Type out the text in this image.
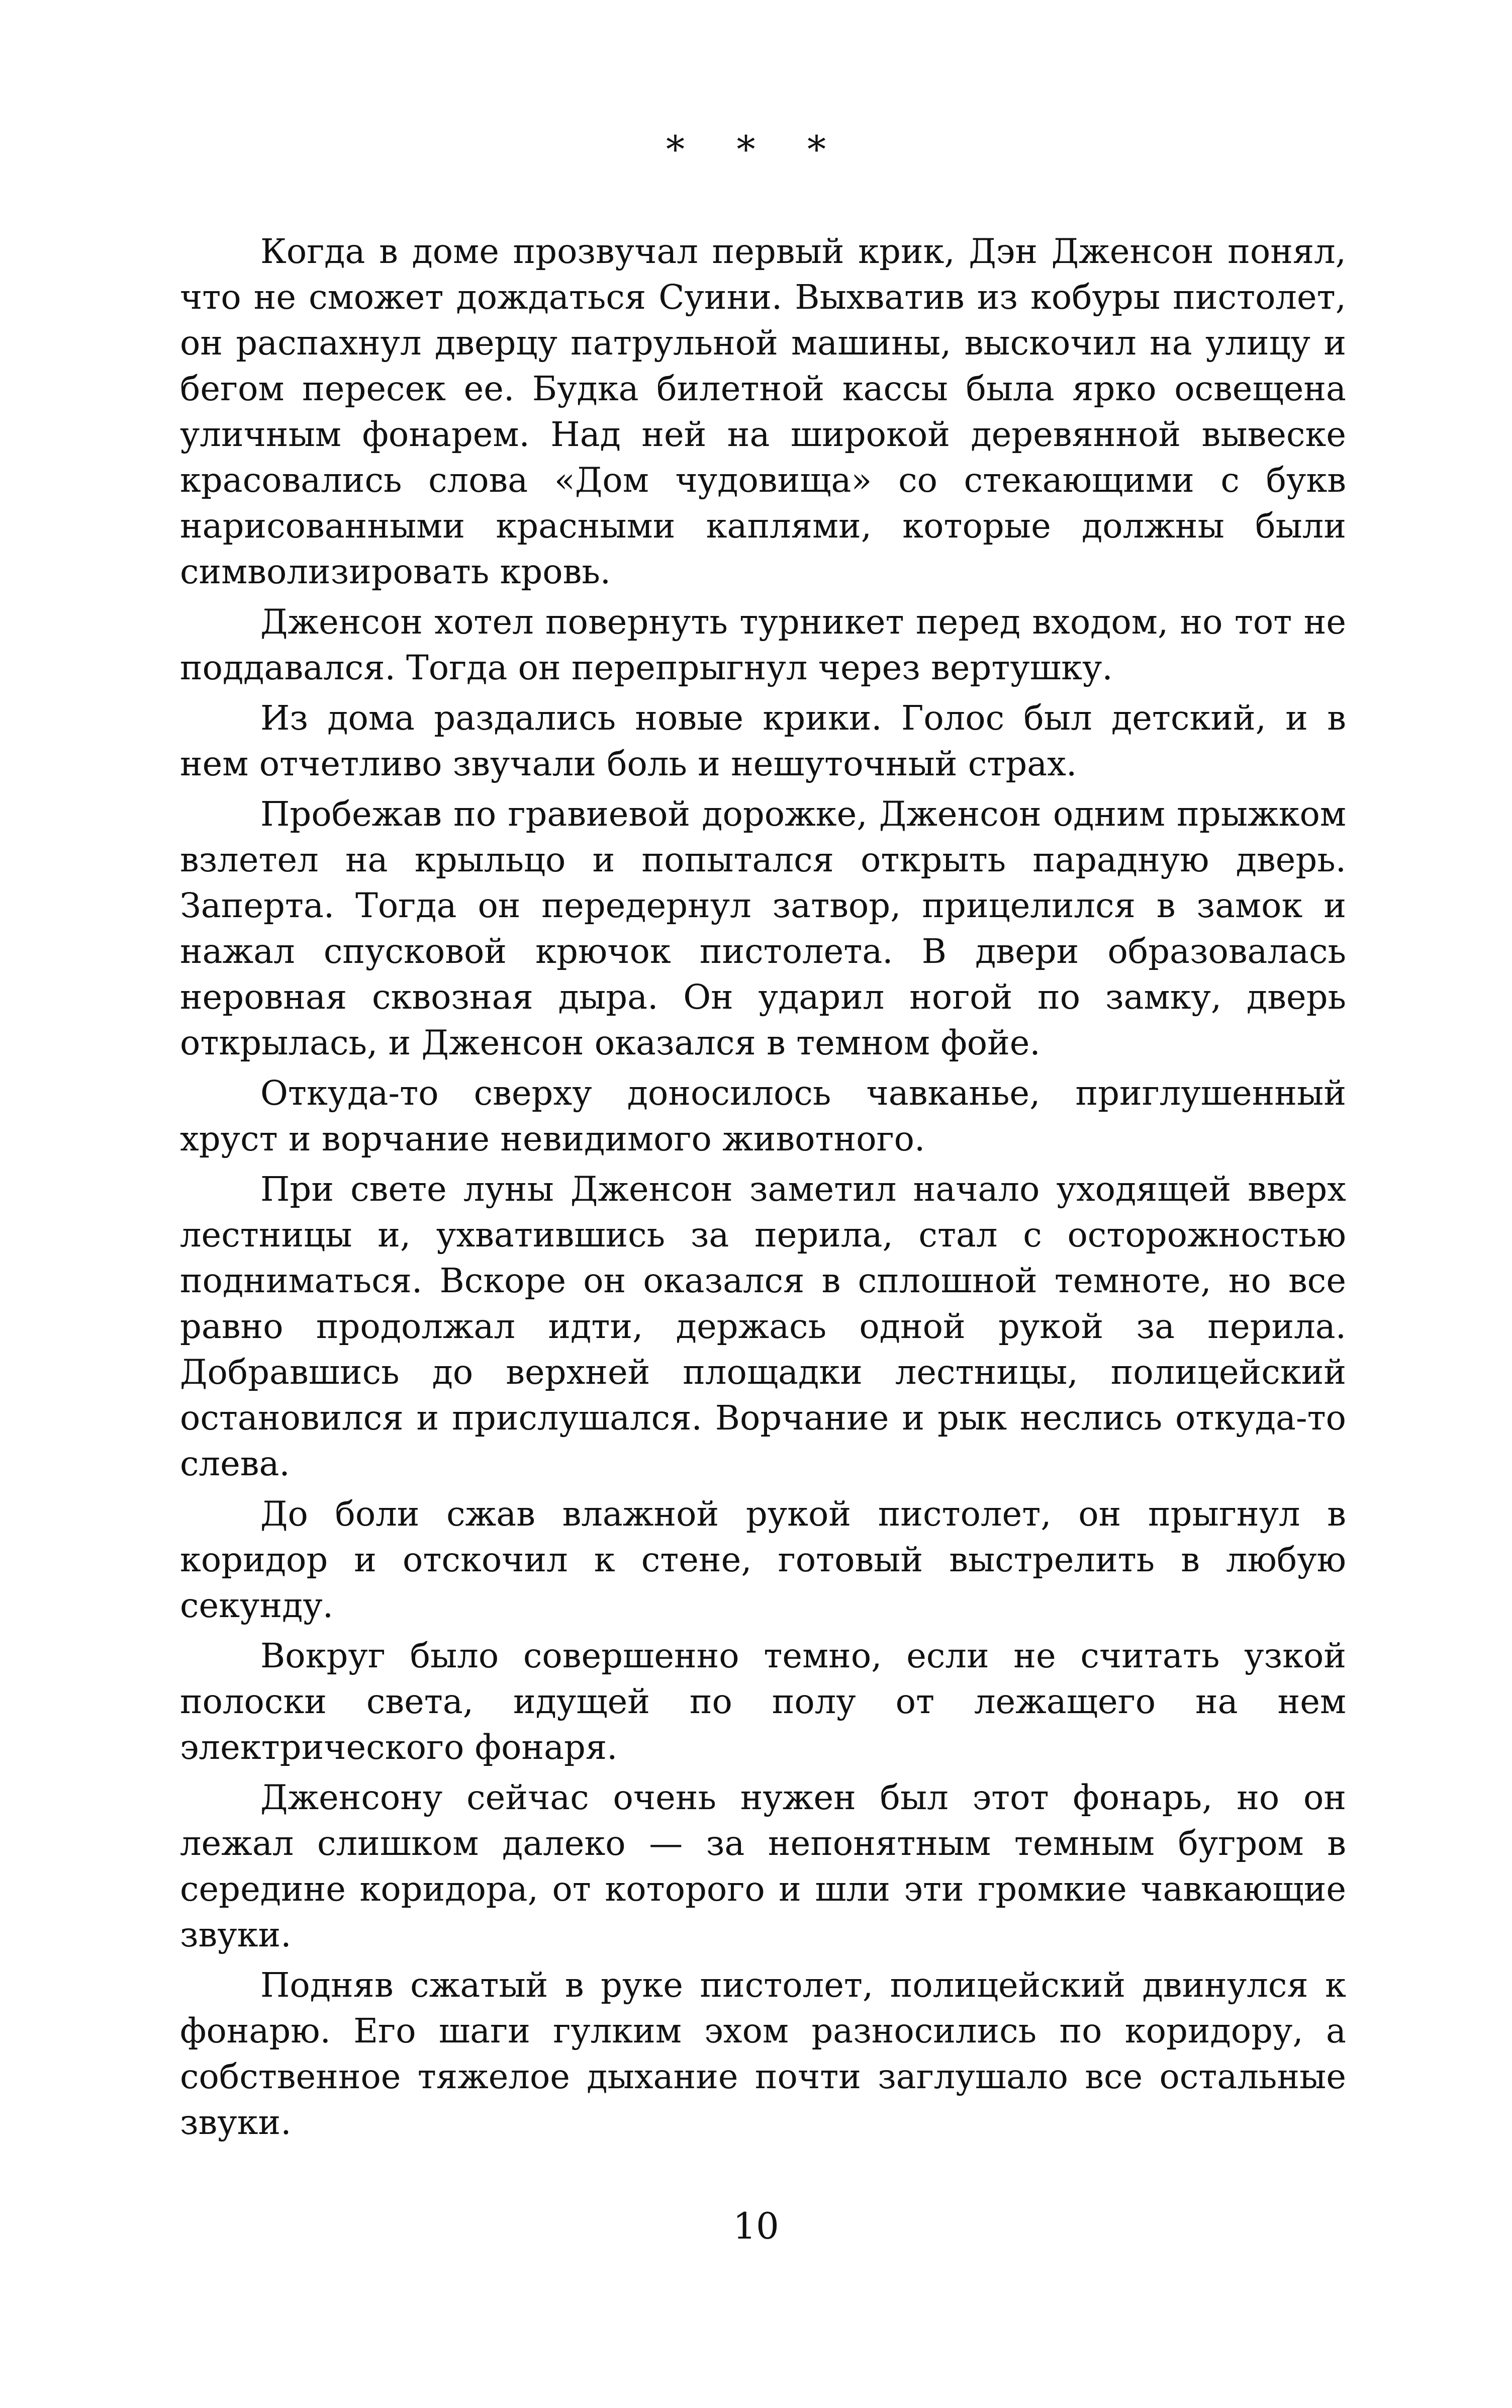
* * *

Когда в доме прозвучал первый крик, Дэн Дженсон понял, что не сможет дождаться Суини. Выхватив из кобуры пистолет, он распахнул дверцу патрульной машины, выскочил на улицу и бегом пересек ее. Будка билетной кассы была ярко освещена уличным фонарем. Над ней на широкой деревянной вывеске красовались слова «Дом чудовища» со стекающими с букв нарисованными красными каплями, которые должны были символизировать кровь.

Дженсон хотел повернуть турникет перед входом, но тот не поддавался. Тогда он перепрыгнул через вертушку.

Из дома раздались новые крики. Голос был детский, и в нем отчетливо звучали боль и нешуточный страх.

Пробежав по гравиевой дорожке, Дженсон одним прыжком взлетел на крыльцо и попытался открыть парадную дверь. Заперта. Тогда он передернул затвор, прицелился в замок и нажал спусковой крючок пистолета. В двери образовалась неровная сквозная дыра. Он ударил ногой по замку, дверь открылась, и Дженсон оказался в темном фойе.

Откуда-то сверху доносилось чавканье, приглушенный хруст и ворчание невидимого животного.

При свете луны Дженсон заметил начало уходящей вверх лестницы и, ухватившись за перила, стал с осторожностью подниматься. Вскоре он оказался в сплошной темноте, но все равно продолжал идти, держась одной рукой за перила. Добравшись до верхней площадки лестницы, полицейский остановился и прислушался. Ворчание и рык неслись откуда-то слева.

До боли сжав влажной рукой пистолет, он прыгнул в коридор и отскочил к стене, готовый выстрелить в любую секунду.

Вокруг было совершенно темно, если не считать узкой полоски света, идущей по полу от лежащего на нем электрического фонаря.

Дженсону сейчас очень нужен был этот фонарь, но он лежал слишком далеко — за непонятным темным бугром в середине коридора, от которого и шли эти громкие чавкающие звуки.

Подняв сжатый в руке пистолет, полицейский двинулся к фонарю. Его шаги гулким эхом разносились по коридору, а собственное тяжелое дыхание почти заглушало все остальные звуки.

10
